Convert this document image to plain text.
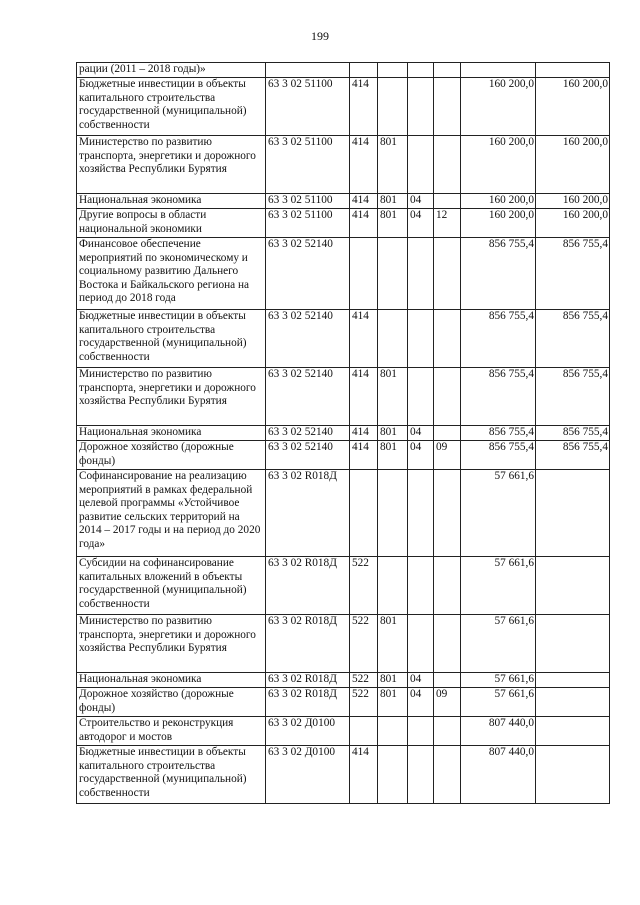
199
рации (2011 – 2018 годы)»							
Бюджетные инвестиции в объекты капитального строительства государственной (муниципальной) собственности	63 3 02 51100	414				160 200,0	160 200,0
Министерство по развитию транспорта, энергетики и дорожного хозяйства Республики Бурятия	63 3 02 51100	414	801			160 200,0	160 200,0
Национальная экономика	63 3 02 51100	414	801	04		160 200,0	160 200,0
Другие вопросы в области национальной экономики	63 3 02 51100	414	801	04	12	160 200,0	160 200,0
Финансовое обеспечение мероприятий по экономическому и социальному развитию Дальнего Востока и Байкальского региона на период до 2018 года	63 3 02 52140					856 755,4	856 755,4
Бюджетные инвестиции в объекты капитального строительства государственной (муниципальной) собственности	63 3 02 52140	414				856 755,4	856 755,4
Министерство по развитию транспорта, энергетики и дорожного хозяйства Республики Бурятия	63 3 02 52140	414	801			856 755,4	856 755,4
Национальная экономика	63 3 02 52140	414	801	04		856 755,4	856 755,4
Дорожное хозяйство (дорожные фонды)	63 3 02 52140	414	801	04	09	856 755,4	856 755,4
Софинансирование на реализацию мероприятий в рамках федеральной целевой программы «Устойчивое развитие сельских территорий на 2014 – 2017 годы и на период до 2020 года»	63 3 02 R018Д					57 661,6	
Субсидии на софинансирование капитальных вложений в объекты государственной (муниципальной) собственности	63 3 02 R018Д	522				57 661,6	
Министерство по развитию транспорта, энергетики и дорожного хозяйства Республики Бурятия	63 3 02 R018Д	522	801			57 661,6	
Национальная экономика	63 3 02 R018Д	522	801	04		57 661,6	
Дорожное хозяйство (дорожные фонды)	63 3 02 R018Д	522	801	04	09	57 661,6	
Строительство и реконструкция автодорог и мостов	63 3 02 Д0100					807 440,0	
Бюджетные инвестиции в объекты капитального строительства государственной (муниципальной) собственности	63 3 02 Д0100	414				807 440,0	
